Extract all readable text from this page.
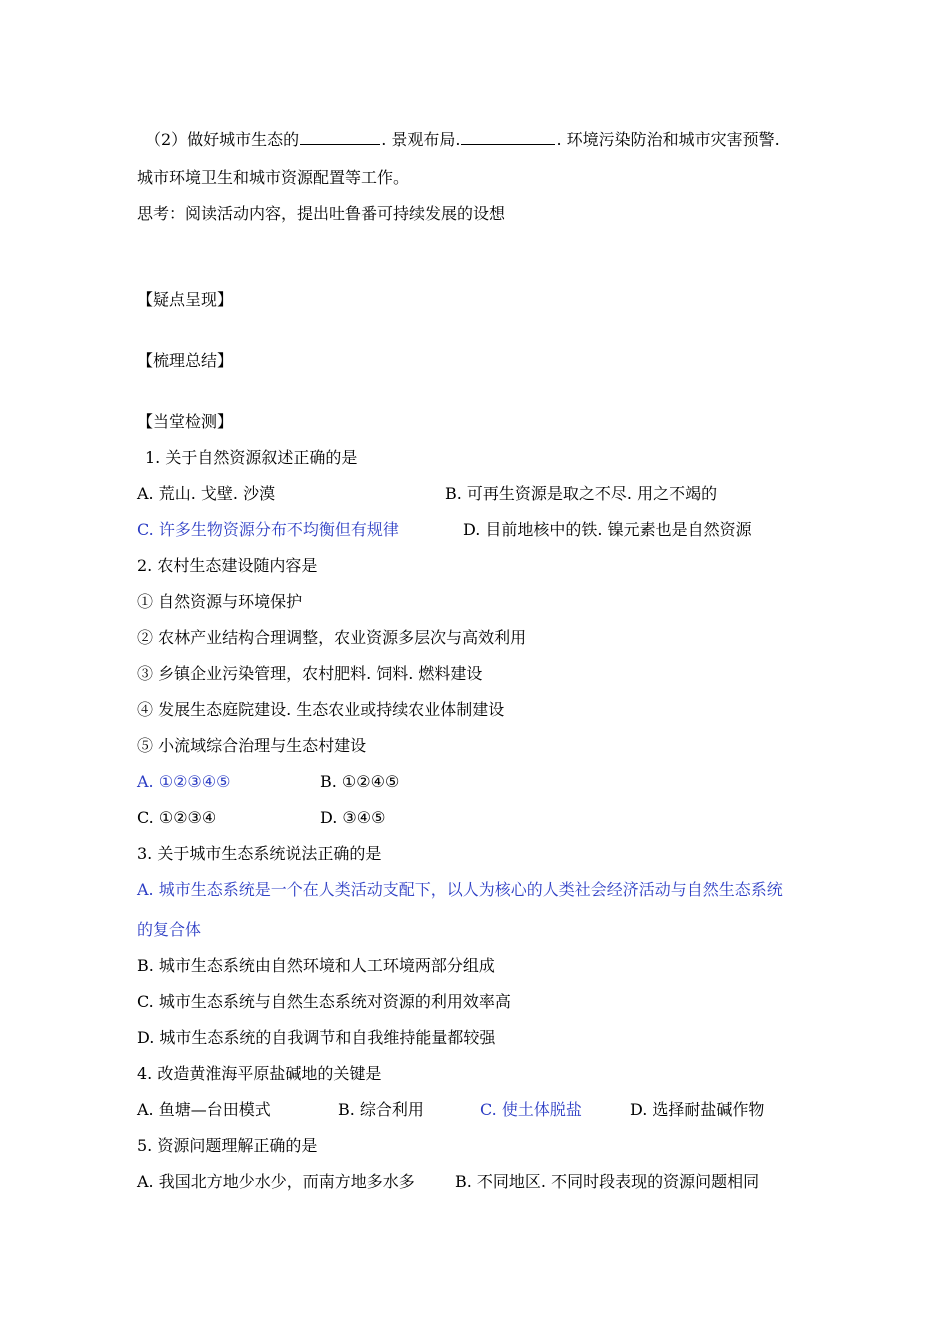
（2）做好城市生态的	. 景观布局.	. 环境污染防治和城市灾害预警.
城市环境卫生和城市资源配置等工作。
思考：阅读活动内容，提出吐鲁番可持续发展的设想
【疑点呈现】
【梳理总结】
【当堂检测】
1. 关于自然资源叙述正确的是
A. 荒山. 戈壁. 沙漠	B. 可再生资源是取之不尽. 用之不竭的
C. 许多生物资源分布不均衡但有规律	D. 目前地核中的铁. 镍元素也是自然资源
2. 农村生态建设随内容是
① 自然资源与环境保护
② 农林产业结构合理调整，农业资源多层次与高效利用
③ 乡镇企业污染管理，农村肥料. 饲料. 燃料建设
④ 发展生态庭院建设. 生态农业或持续农业体制建设
⑤ 小流域综合治理与生态村建设
A. ①②③④⑤	B. ①②④⑤
C. ①②③④	D. ③④⑤
3. 关于城市生态系统说法正确的是
A. 城市生态系统是一个在人类活动支配下，以人为核心的人类社会经济活动与自然生态系统
的复合体
B. 城市生态系统由自然环境和人工环境两部分组成
C. 城市生态系统与自然生态系统对资源的利用效率高
D. 城市生态系统的自我调节和自我维持能量都较强
4. 改造黄淮海平原盐碱地的关键是
A. 鱼塘—台田模式	B. 综合利用	C. 使土体脱盐	D. 选择耐盐碱作物
5. 资源问题理解正确的是
A. 我国北方地少水少，而南方地多水多	B. 不同地区. 不同时段表现的资源问题相同
